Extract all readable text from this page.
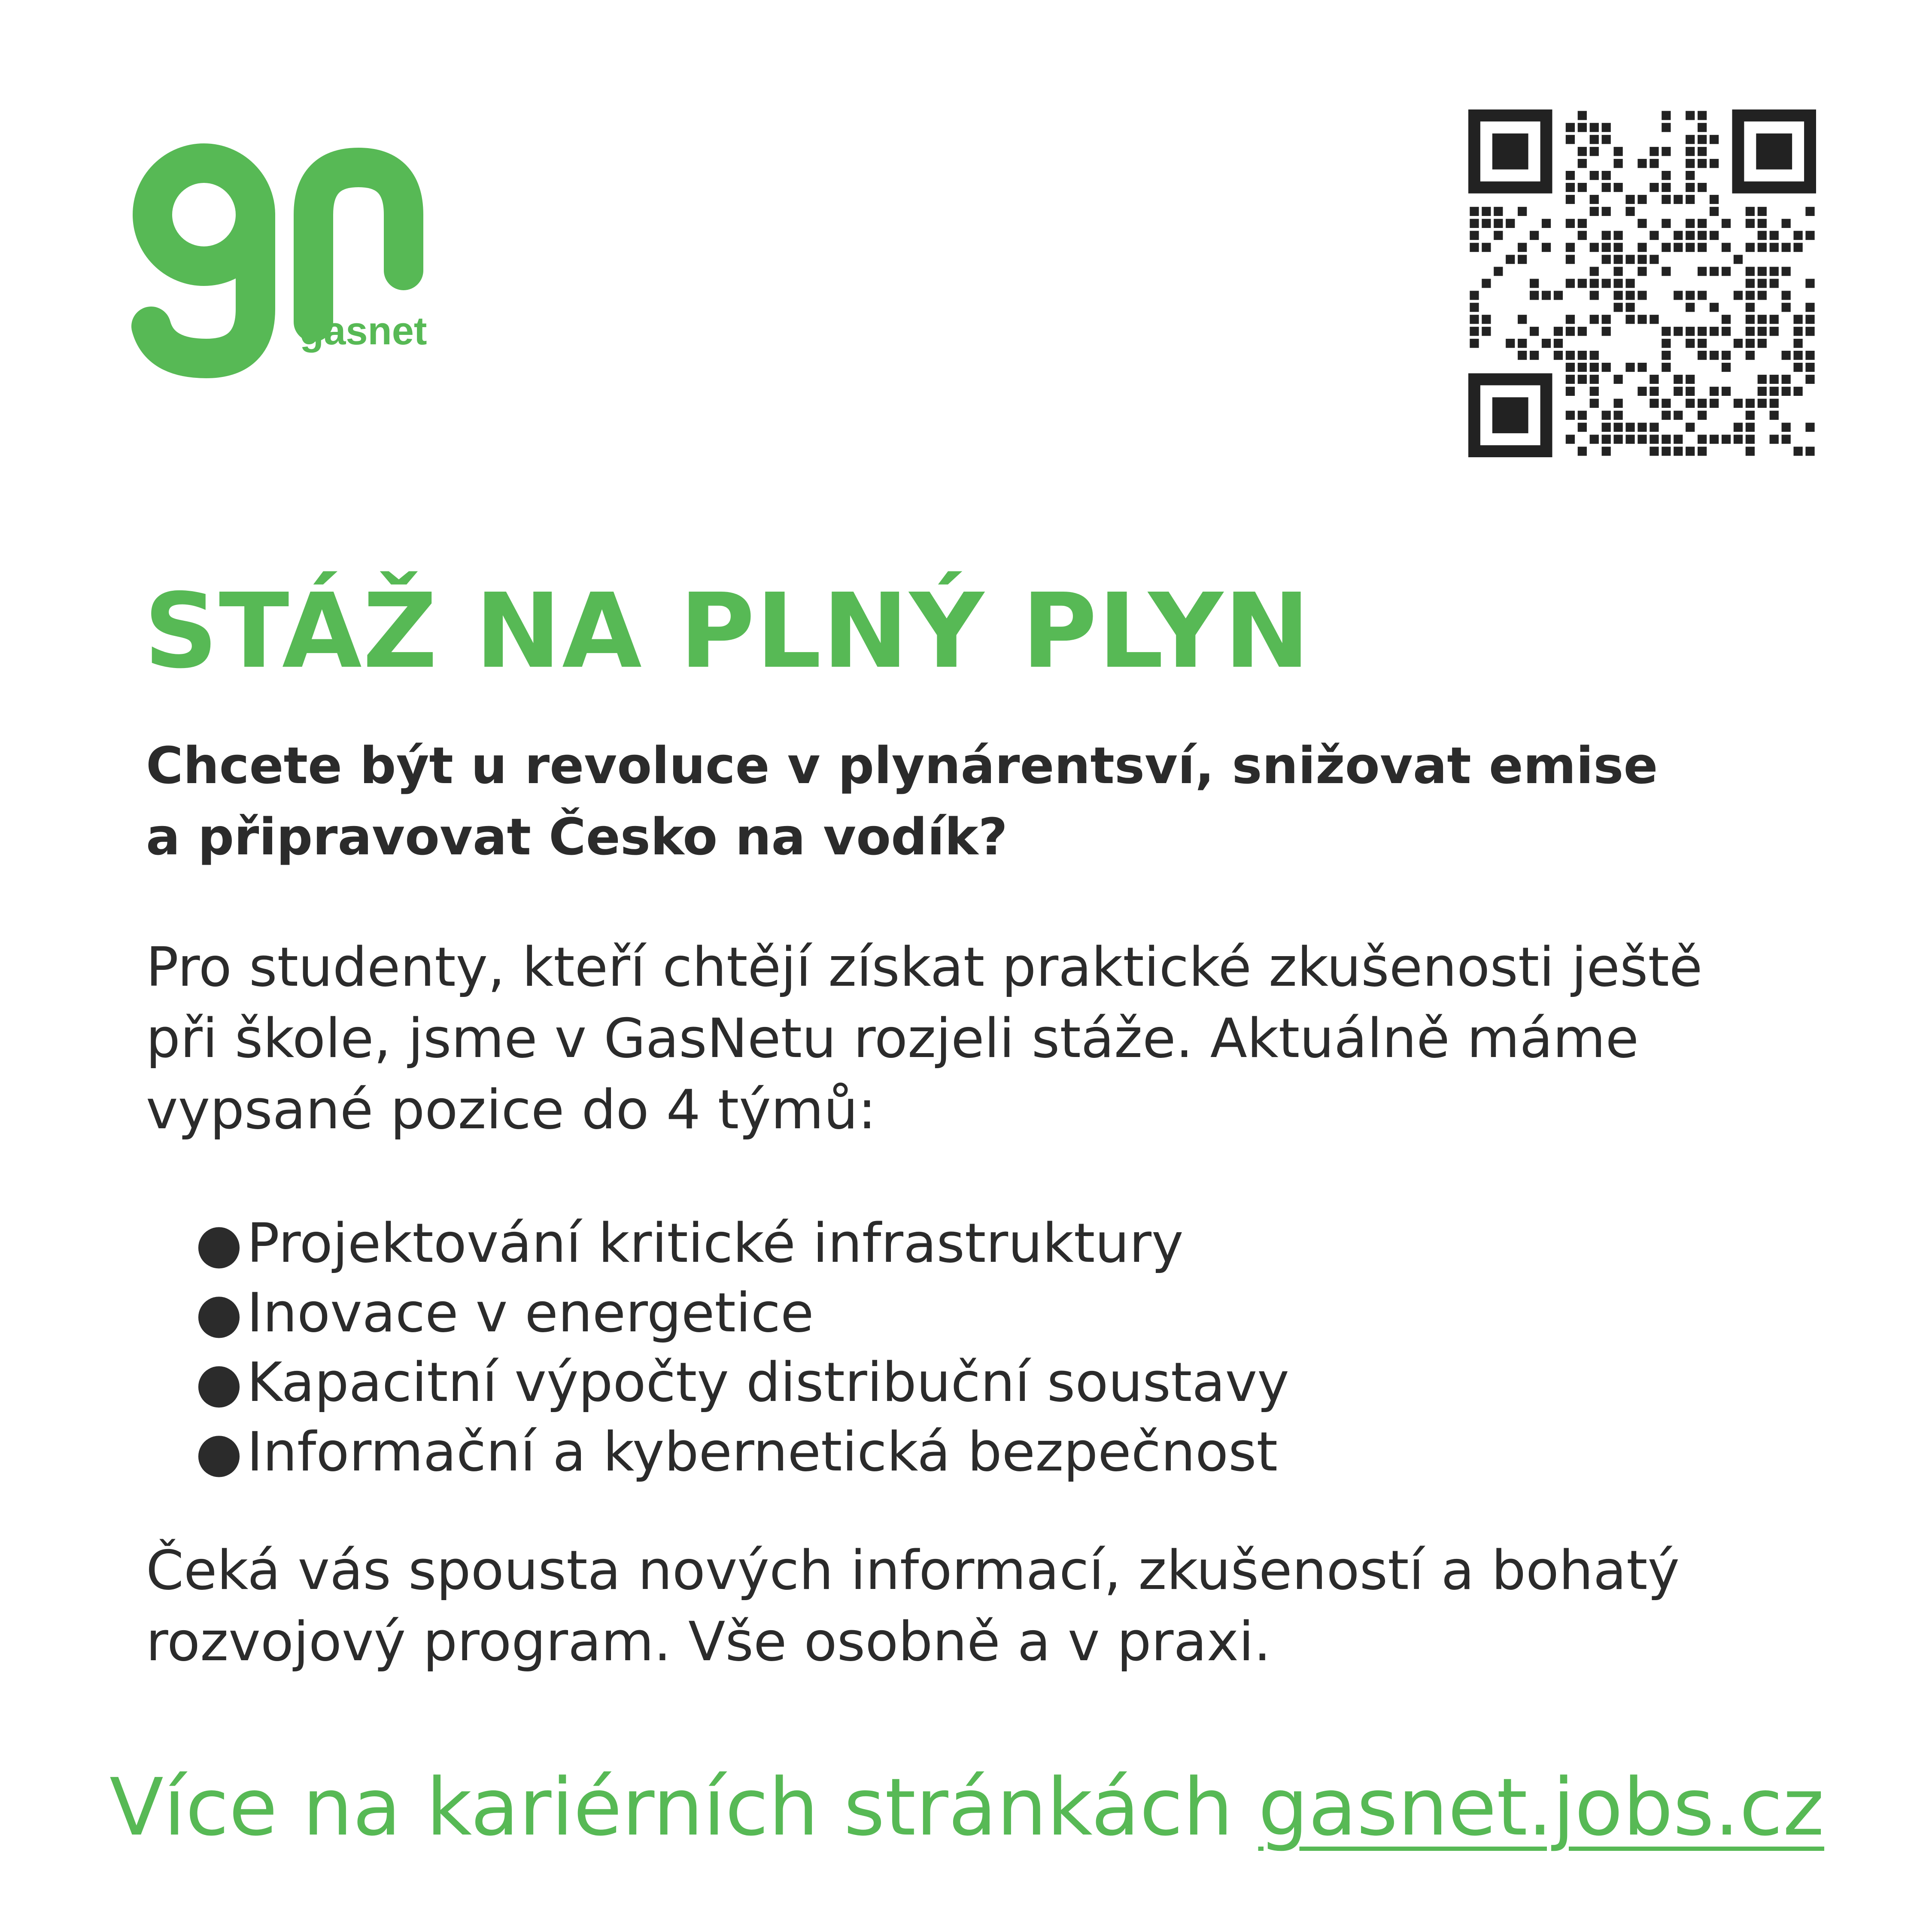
gasnet
STÁŽ NA PLNÝ PLYN
Chcete být u revoluce v plynárentsví, snižovat emise
a připravovat Česko na vodík?
Pro studenty, kteří chtějí získat praktické zkušenosti ještě
při škole, jsme v GasNetu rozjeli stáže. Aktuálně máme
vypsané pozice do 4 týmů:
● Projektování kritické infrastruktury
● Inovace v energetice
● Kapacitní výpočty distribuční soustavy
● Informační a kybernetická bezpečnost
Čeká vás spousta nových informací, zkušeností a bohatý
rozvojový program. Vše osobně a v praxi.
Více na kariérních stránkách gasnet.jobs.cz
